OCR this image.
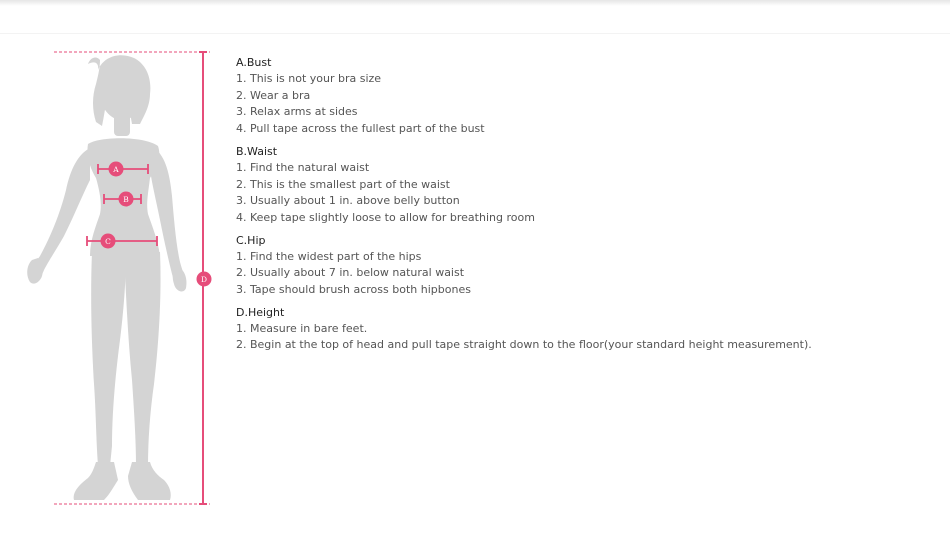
D
A
B
C
A.Bust
1. This is not your bra size
2. Wear a bra
3. Relax arms at sides
4. Pull tape across the fullest part of the bust
B.Waist
1. Find the natural waist
2. This is the smallest part of the waist
3. Usually about 1 in. above belly button
4. Keep tape slightly loose to allow for breathing room
C.Hip
1. Find the widest part of the hips
2. Usually about 7 in. below natural waist
3. Tape should brush across both hipbones
D.Height
1. Measure in bare feet.
2. Begin at the top of head and pull tape straight down to the floor(your standard height measurement).
